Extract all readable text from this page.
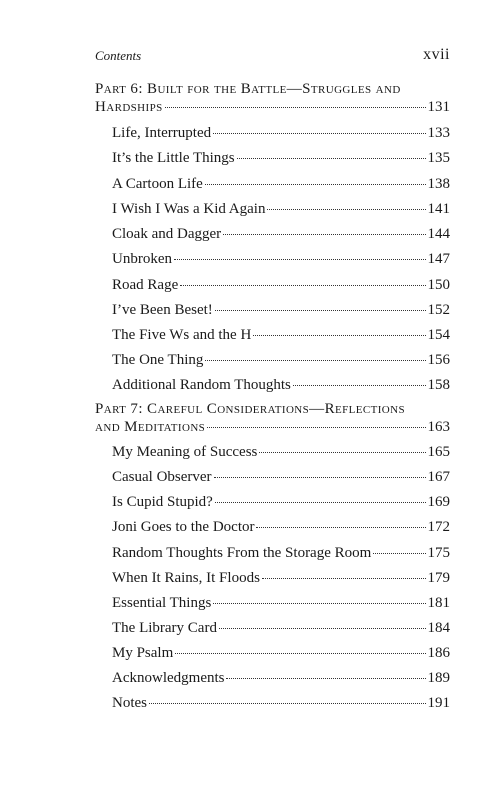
Contents	xvii
Part 6: Built for the Battle—Struggles and
Hardships	131
Life, Interrupted	133
It’s the Little Things	135
A Cartoon Life	138
I Wish I Was a Kid Again	141
Cloak and Dagger	144
Unbroken	147
Road Rage	150
I’ve Been Beset!	152
The Five Ws and the H	154
The One Thing	156
Additional Random Thoughts	158
Part 7: Careful Considerations—Reflections
and Meditations	163
My Meaning of Success	165
Casual Observer	167
Is Cupid Stupid?	169
Joni Goes to the Doctor	172
Random Thoughts From the Storage Room	175
When It Rains, It Floods	179
Essential Things	181
The Library Card	184
My Psalm	186
Acknowledgments	189
Notes	191
